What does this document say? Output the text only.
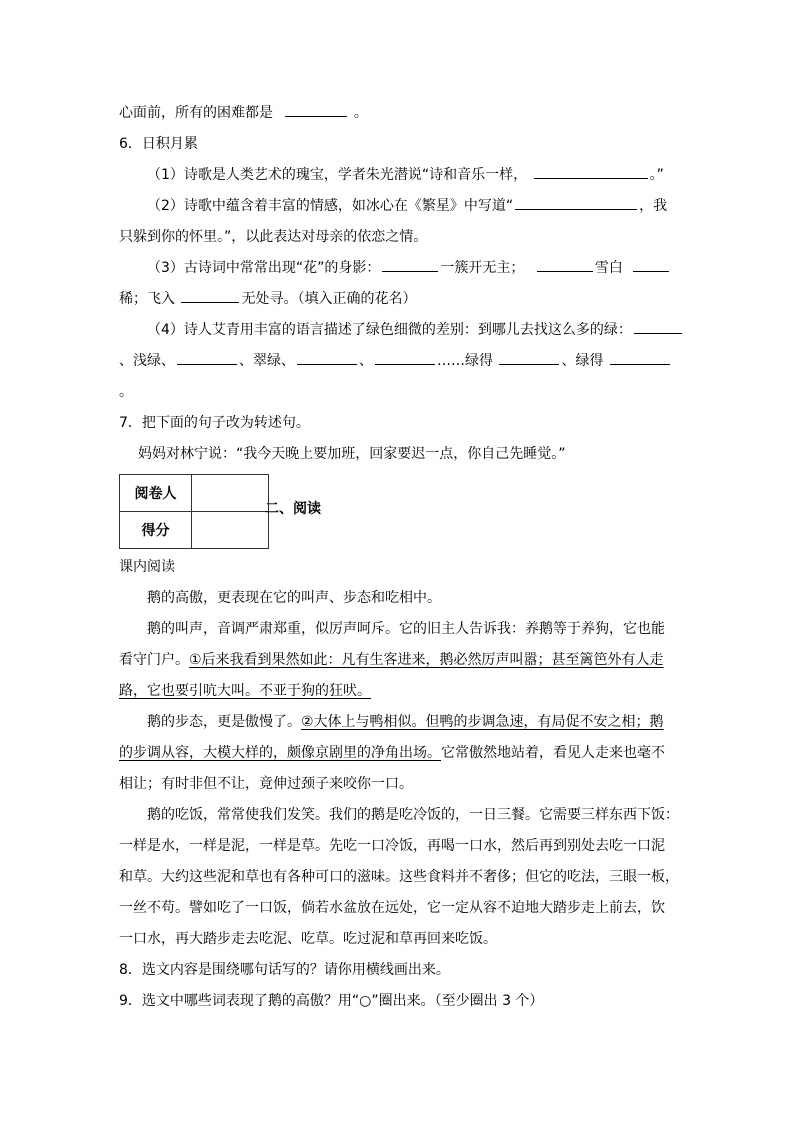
心面前，所有的困难都是	。
6．日积月累
（1）诗歌是人类艺术的瑰宝，学者朱光潜说“诗和音乐一样，	。”
（2）诗歌中蕴含着丰富的情感，如冰心在《繁星》中写道“	，我
只躲到你的怀里。”，以此表达对母亲的依恋之情。
（3）古诗词中常常出现“花”的身影：	一簇开无主；	雪白
稀；飞入	无处寻。（填入正确的花名）
（4）诗人艾青用丰富的语言描述了绿色细微的差别：到哪儿去找这么多的绿：
、浅绿、	、翠绿、	、	……绿得	、绿得
。
7．把下面的句子改为转述句。
妈妈对林宁说：“我今天晚上要加班，回家要迟一点，你自己先睡觉。”
阅卷人	
得分	
二、阅读
课内阅读
鹅的高傲，更表现在它的叫声、步态和吃相中。
鹅的叫声，音调严肃郑重，似厉声呵斥。它的旧主人告诉我：养鹅等于养狗，它也能
看守门户。①后来我看到果然如此：凡有生客进来，鹅必然厉声叫嚣；甚至篱笆外有人走
路，它也要引吭大叫。不亚于狗的狂吠。
鹅的步态，更是傲慢了。②大体上与鸭相似。但鸭的步调急速，有局促不安之相；鹅
的步调从容，大模大样的，颇像京剧里的净角出场。它常傲然地站着，看见人走来也毫不
相让；有时非但不让，竟伸过颈子来咬你一口。
鹅的吃饭，常常使我们发笑。我们的鹅是吃冷饭的，一日三餐。它需要三样东西下饭：
一样是水，一样是泥，一样是草。先吃一口冷饭，再喝一口水，然后再到别处去吃一口泥
和草。大约这些泥和草也有各种可口的滋味。这些食料并不奢侈；但它的吃法，三眼一板，
一丝不苟。譬如吃了一口饭，倘若水盆放在远处，它一定从容不迫地大踏步走上前去，饮
一口水，再大踏步走去吃泥、吃草。吃过泥和草再回来吃饭。
8．选文内容是围绕哪句话写的？请你用横线画出来。
9．选文中哪些词表现了鹅的高傲？用“○”圈出来。（至少圈出 3 个）
